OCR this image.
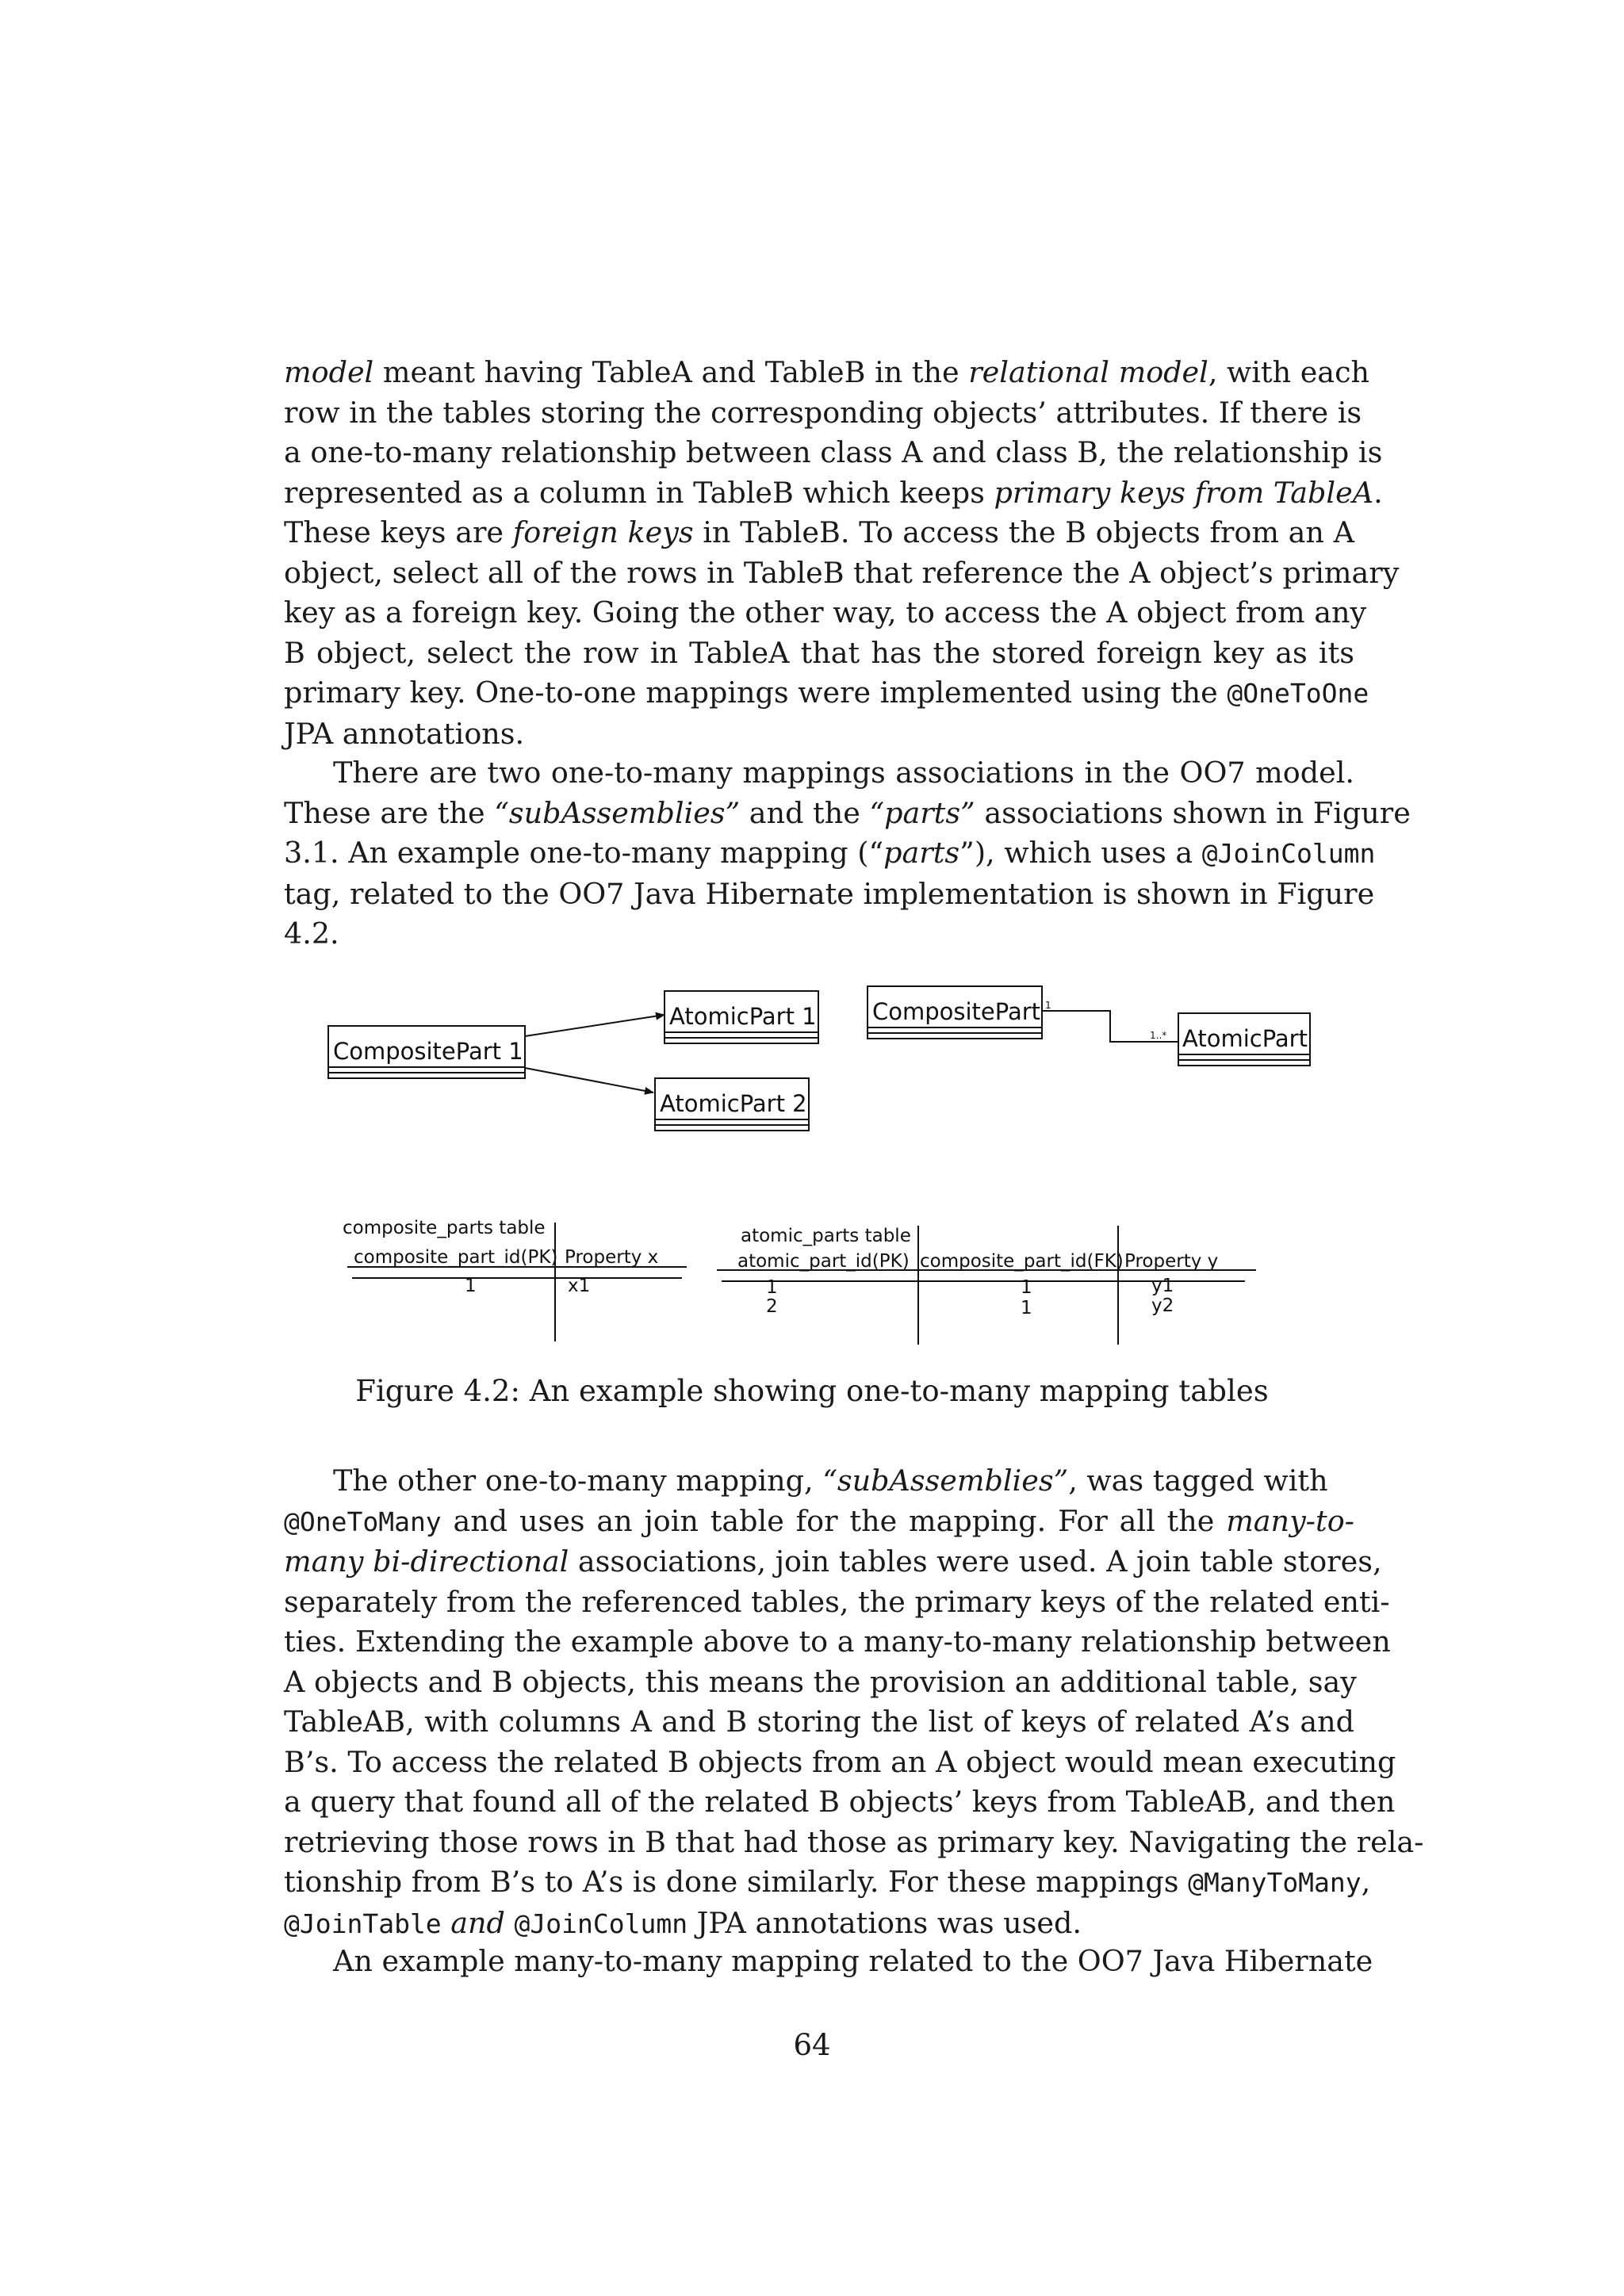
model meant having TableA and TableB in the relational model, with each
row in the tables storing the corresponding objects’ attributes. If there is
a one-to-many relationship between class A and class B, the relationship is
represented as a column in TableB which keeps primary keys from TableA.
These keys are foreign keys in TableB. To access the B objects from an A
object, select all of the rows in TableB that reference the A object’s primary
key as a foreign key. Going the other way, to access the A object from any
B object, select the row in TableA that has the stored foreign key as its
primary key. One-to-one mappings were implemented using the @OneToOne
JPA annotations.
There are two one-to-many mappings associations in the OO7 model.
These are the “subAssemblies” and the “parts” associations shown in Figure
3.1. An example one-to-many mapping (“parts”), which uses a @JoinColumn
tag, related to the OO7 Java Hibernate implementation is shown in Figure
4.2.
CompositePart 1
AtomicPart 1
AtomicPart 2
CompositePart
AtomicPart
1
1..*
composite_parts table
composite_part_id(PK) Property x
1	x1
atomic_parts table
atomic_part_id(PK) composite_part_id(FK) Property y
1
2
1
1
y1
y2
Figure 4.2: An example showing one-to-many mapping tables
The other one-to-many mapping, “subAssemblies”, was tagged with
@OneToMany and uses an join table for the mapping. For all the many-to-
many bi-directional associations, join tables were used. A join table stores,
separately from the referenced tables, the primary keys of the related enti-
ties. Extending the example above to a many-to-many relationship between
A objects and B objects, this means the provision an additional table, say
TableAB, with columns A and B storing the list of keys of related A’s and
B’s. To access the related B objects from an A object would mean executing
a query that found all of the related B objects’ keys from TableAB, and then
retrieving those rows in B that had those as primary key. Navigating the rela-
tionship from B’s to A’s is done similarly. For these mappings @ManyToMany,
@JoinTable and @JoinColumn JPA annotations was used.
An example many-to-many mapping related to the OO7 Java Hibernate
64
